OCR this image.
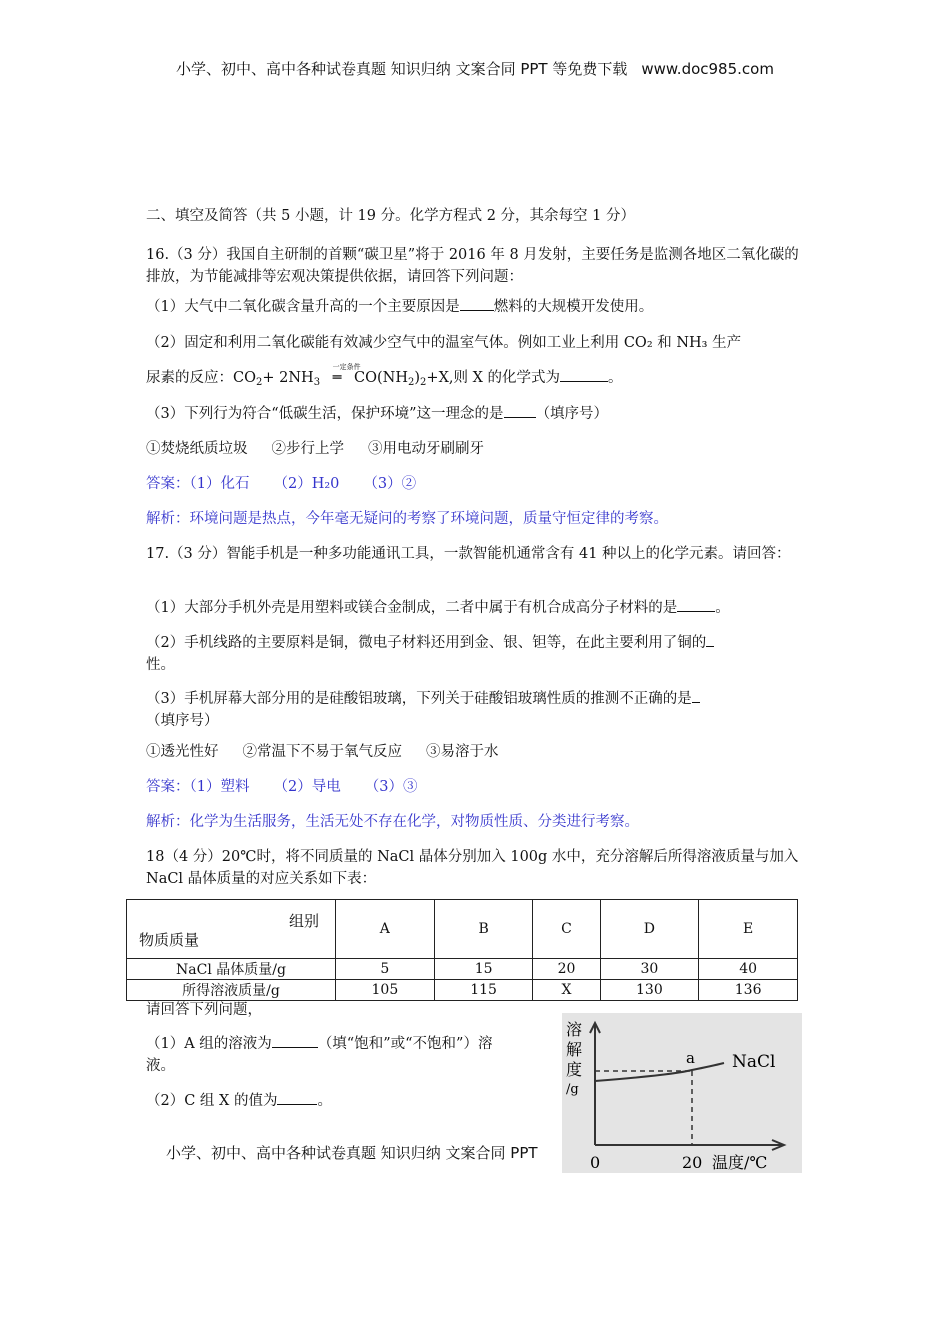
小学、初中、高中各种试卷真题 知识归纳 文案合同 PPT 等免费下载 www.doc985.com
二、填空及简答（共 5 小题，计 19 分。化学方程式 2 分，其余每空 1 分）
16.（3 分）我国自主研制的首颗“碳卫星”将于 2016 年 8 月发射，主要任务是监测各地区二氧化碳的排放，为节能减排等宏观决策提供依据，请回答下列问题：
（1）大气中二氧化碳含量升高的一个主要原因是 燃料的大规模开发使用。
（2）固定和利用二氧化碳能有效减少空气中的温室气体。例如工业上利用 CO₂ 和 NH₃ 生产
尿素的反应：$CO_2+ 2NH_3$
一定条件
═ $CO(NH_2)_2+X$,则 X 的化学式为	。
（3）下列行为符合“低碳生活，保护环境”这一理念的是 （填序号）
①焚烧纸质垃圾 ②步行上学 ③用电动牙刷刷牙
答案：（1）化石 （2）H₂0 （3）②
解析：环境问题是热点，今年毫无疑问的考察了环境问题，质量守恒定律的考察。
17.（3 分）智能手机是一种多功能通讯工具，一款智能机通常含有 41 种以上的化学元素。请回答：
（1）大部分手机外壳是用塑料或镁合金制成，二者中属于有机合成高分子材料的是	。
（2）手机线路的主要原料是铜，微电子材料还用到金、银、钽等，在此主要利用了铜的
性。
（3）手机屏幕大部分用的是硅酸铝玻璃，下列关于硅酸铝玻璃性质的推测不正确的是
（填序号）
①透光性好 ②常温下不易于氧气反应 ③易溶于水
答案：（1）塑料 （2）导电 （3）③
解析：化学为生活服务，生活无处不存在化学，对物质性质、分类进行考察。
18（4 分）20℃时，将不同质量的 NaCl 晶体分别加入 100g 水中，充分溶解后所得溶液质量与加入 NaCl 晶体质量的对应关系如下表：
组别
物质质量	A	B	C	D	E
NaCl 晶体质量/g	5	15	20	30	40
所得溶液质量/g	105	115	X	130	136
请回答下列问题，
（1）A 组的溶液为	（填“饱和”或“不饱和”）溶液。
（2）C 组 X 的值为	。
小学、初中、高中各种试卷真题 知识归纳 文案合同 PPT
溶
解
度
/g
a NaCl
0	20 温度/℃
